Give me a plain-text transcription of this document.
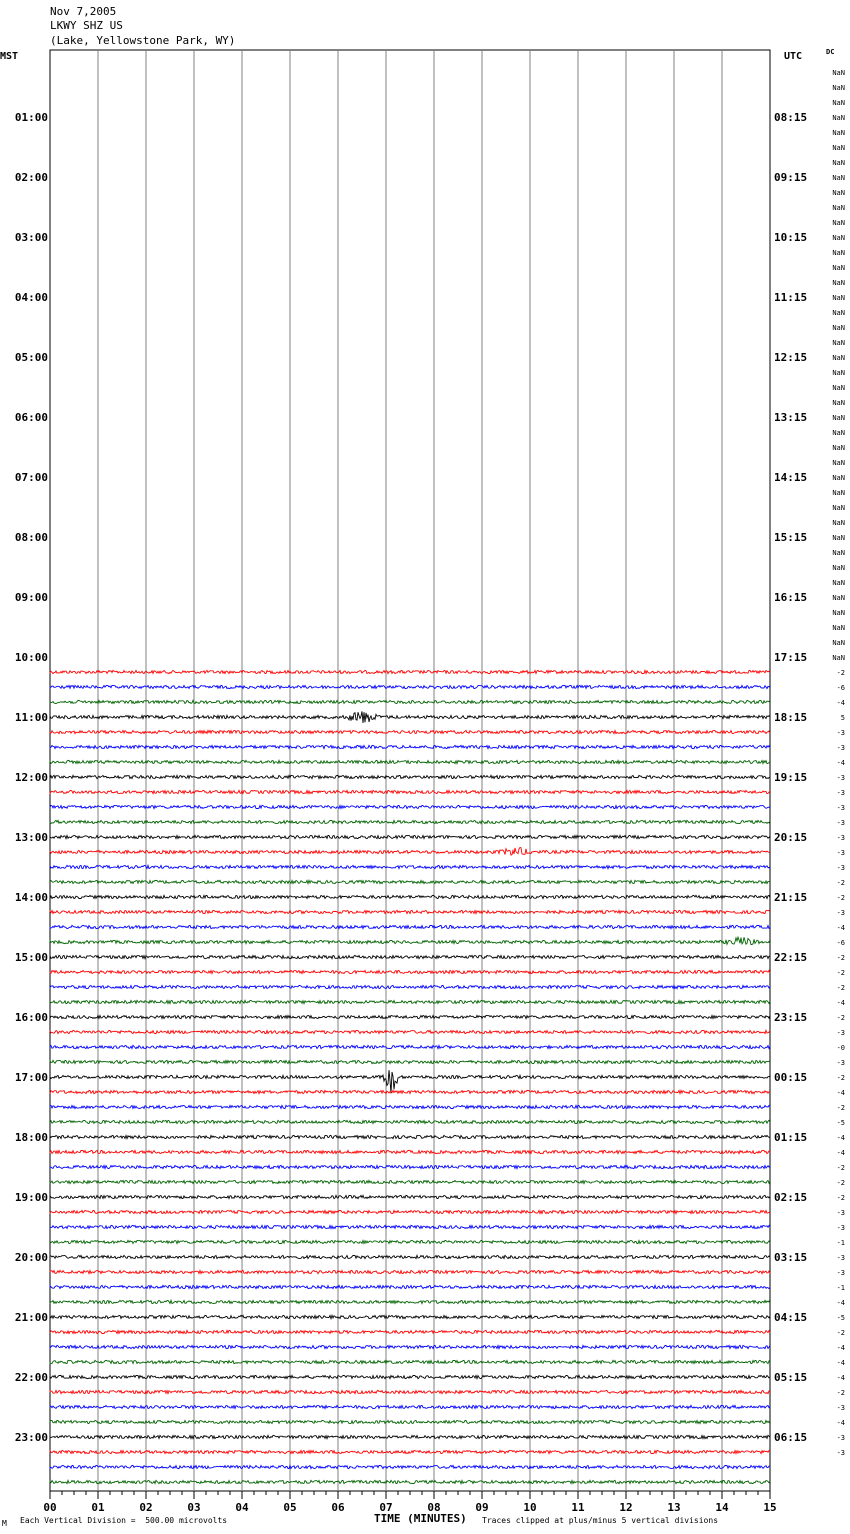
Nov 7,2005
LKWY SHZ US
(Lake, Yellowstone Park, WY)
MST	UTC	DC
00	01	02	03	04	05	06	07	08	09	10	11	12	13	14	15
01:00
02:00
03:00
04:00
05:00
06:00
07:00
08:00
09:00
10:00
11:00
12:00
13:00
14:00
15:00
16:00
17:00
18:00
19:00
20:00
21:00
22:00
23:00
08:15
09:15
10:15
11:15
12:15
13:15
14:15
15:15
16:15
17:15
18:15
19:15
20:15
21:15
22:15
23:15
00:15
01:15
02:15
03:15
04:15
05:15
06:15
NaN
NaN
NaN
NaN
NaN
NaN
NaN
NaN
NaN
NaN
NaN
NaN
NaN
NaN
NaN
NaN
NaN
NaN
NaN
NaN
NaN
NaN
NaN
NaN
NaN
NaN
NaN
NaN
NaN
NaN
NaN
NaN
NaN
NaN
NaN
NaN
NaN
NaN
NaN
NaN
-2
-6
-4
5
-3
-3
-4
-3
-3
-3
-3
-3
-3
-3
-2
-2
-3
-4
-6
-2
-2
-2
-4
-2
-3
-0
-3
-2
-4
-2
-5
-4
-4
-2
-2
-2
-3
-3
-1
-3
-3
-1
-4
-5
-2
-4
-4
-4
-2
-3
-4
-3
-3
M Each Vertical Division =  500.00 microvolts	TIME (MINUTES) Traces clipped at plus/minus 5 vertical divisions
